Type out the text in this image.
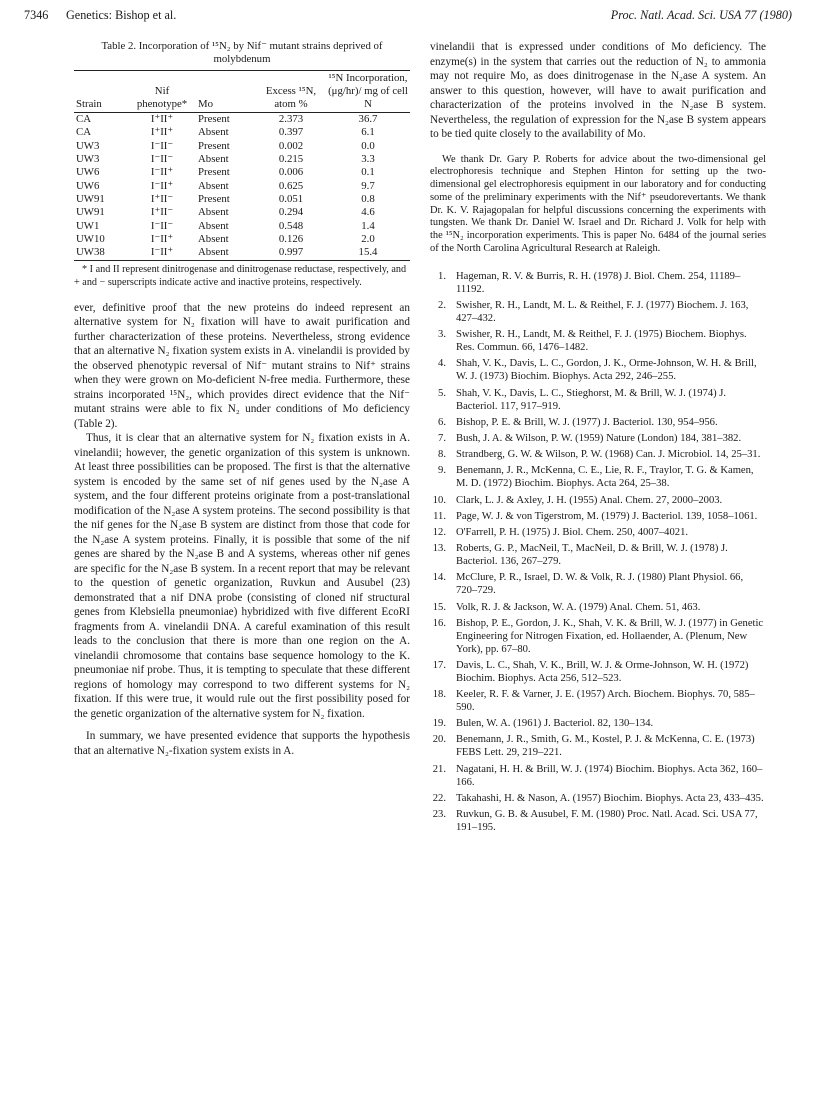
7346 Genetics: Bishop et al.	Proc. Natl. Acad. Sci. USA 77 (1980)
Table 2. Incorporation of ¹⁵N₂ by Nif⁻ mutant strains deprived of molybdenum
Strain	Nif phenotype*	Mo	Excess ¹⁵N, atom %	¹⁵N Incorporation, (μg/hr)/ mg of cell N
CA	I⁺II⁺	Present	2.373	36.7
CA	I⁺II⁺	Absent	0.397	6.1
UW3	I⁻II⁻	Present	0.002	0.0
UW3	I⁻II⁻	Absent	0.215	3.3
UW6	I⁻II⁺	Present	0.006	0.1
UW6	I⁻II⁺	Absent	0.625	9.7
UW91	I⁺II⁻	Present	0.051	0.8
UW91	I⁺II⁻	Absent	0.294	4.6
UW1	I⁻II⁻	Absent	0.548	1.4
UW10	I⁻II⁺	Absent	0.126	2.0
UW38	I⁻II⁺	Absent	0.997	15.4
* I and II represent dinitrogenase and dinitrogenase reductase, respectively, and + and − superscripts indicate active and inactive proteins, respectively.

ever, definitive proof that the new proteins do indeed represent an alternative system for N₂ fixation will have to await purification and further characterization of these proteins. Nevertheless, strong evidence that an alternative N₂ fixation system exists in A. vinelandii is provided by the observed phenotypic reversal of Nif⁻ mutant strains to Nif⁺ strains when they were grown on Mo-deficient N-free media. Furthermore, these strains incorporated ¹⁵N₂, which provides direct evidence that the Nif⁻ mutant strains were able to fix N₂ under conditions of Mo deficiency (Table 2).

Thus, it is clear that an alternative system for N₂ fixation exists in A. vinelandii; however, the genetic organization of this system is unknown. At least three possibilities can be proposed. The first is that the alternative system is encoded by the same set of nif genes used by the N₂ase A system, and the four different proteins originate from a post-translational modification of the N₂ase A system proteins. The second possibility is that the nif genes for the N₂ase B system are distinct from those that code for the N₂ase A system proteins. Finally, it is possible that some of the nif genes are shared by the N₂ase B and A systems, whereas other nif genes are specific for the N₂ase B system. In a recent report that may be relevant to the question of genetic organization, Ruvkun and Ausubel (23) demonstrated that a nif DNA probe (consisting of cloned nif structural genes from Klebsiella pneumoniae) hybridized with five different EcoRI fragments from A. vinelandii DNA. A careful examination of this result leads to the conclusion that there is more than one region on the A. vinelandii chromosome that contains base sequence homology to the K. pneumoniae nif probe. Thus, it is tempting to speculate that these different regions of homology may correspond to two different systems for N₂ fixation. If this were true, it would rule out the first possibility posed for the genetic organization of the alternative system for N₂ fixation.

In summary, we have presented evidence that supports the hypothesis that an alternative N₂-fixation system exists in A.

vinelandii that is expressed under conditions of Mo deficiency. The enzyme(s) in the system that carries out the reduction of N₂ to ammonia may not require Mo, as does dinitrogenase in the N₂ase A system. An answer to this question, however, will have to await purification and characterization of the proteins involved in the N₂ase B system. Nevertheless, the regulation of expression for the N₂ase B system appears to be tied quite closely to the availability of Mo.

We thank Dr. Gary P. Roberts for advice about the two-dimensional gel electrophoresis technique and Stephen Hinton for setting up the two-dimensional gel electrophoresis equipment in our laboratory and for conducting some of the preliminary experiments with the Nif⁺ pseudorevertants. We thank Dr. K. V. Rajagopalan for helpful discussions concerning the experiments with tungsten. We thank Dr. Daniel W. Israel and Dr. Richard J. Volk for help with the ¹⁵N₂ incorporation experiments. This is paper No. 6484 of the journal series of the North Carolina Agricultural Research at Raleigh.
1. Hageman, R. V. & Burris, R. H. (1978) J. Biol. Chem. 254, 11189–11192.
2. Swisher, R. H., Landt, M. L. & Reithel, F. J. (1977) Biochem. J. 163, 427–432.
3. Swisher, R. H., Landt, M. & Reithel, F. J. (1975) Biochem. Biophys. Res. Commun. 66, 1476–1482.
4. Shah, V. K., Davis, L. C., Gordon, J. K., Orme-Johnson, W. H. & Brill, W. J. (1973) Biochim. Biophys. Acta 292, 246–255.
5. Shah, V. K., Davis, L. C., Stieghorst, M. & Brill, W. J. (1974) J. Bacteriol. 117, 917–919.
6. Bishop, P. E. & Brill, W. J. (1977) J. Bacteriol. 130, 954–956.
7. Bush, J. A. & Wilson, P. W. (1959) Nature (London) 184, 381–382.
8. Strandberg, G. W. & Wilson, P. W. (1968) Can. J. Microbiol. 14, 25–31.
9. Benemann, J. R., McKenna, C. E., Lie, R. F., Traylor, T. G. & Kamen, M. D. (1972) Biochim. Biophys. Acta 264, 25–38.
10. Clark, L. J. & Axley, J. H. (1955) Anal. Chem. 27, 2000–2003.
11. Page, W. J. & von Tigerstrom, M. (1979) J. Bacteriol. 139, 1058–1061.
12. O'Farrell, P. H. (1975) J. Biol. Chem. 250, 4007–4021.
13. Roberts, G. P., MacNeil, T., MacNeil, D. & Brill, W. J. (1978) J. Bacteriol. 136, 267–279.
14. McClure, P. R., Israel, D. W. & Volk, R. J. (1980) Plant Physiol. 66, 720–729.
15. Volk, R. J. & Jackson, W. A. (1979) Anal. Chem. 51, 463.
16. Bishop, P. E., Gordon, J. K., Shah, V. K. & Brill, W. J. (1977) in Genetic Engineering for Nitrogen Fixation, ed. Hollaender, A. (Plenum, New York), pp. 67–80.
17. Davis, L. C., Shah, V. K., Brill, W. J. & Orme-Johnson, W. H. (1972) Biochim. Biophys. Acta 256, 512–523.
18. Keeler, R. F. & Varner, J. E. (1957) Arch. Biochem. Biophys. 70, 585–590.
19. Bulen, W. A. (1961) J. Bacteriol. 82, 130–134.
20. Benemann, J. R., Smith, G. M., Kostel, P. J. & McKenna, C. E. (1973) FEBS Lett. 29, 219–221.
21. Nagatani, H. H. & Brill, W. J. (1974) Biochim. Biophys. Acta 362, 160–166.
22. Takahashi, H. & Nason, A. (1957) Biochim. Biophys. Acta 23, 433–435.
23. Ruvkun, G. B. & Ausubel, F. M. (1980) Proc. Natl. Acad. Sci. USA 77, 191–195.
